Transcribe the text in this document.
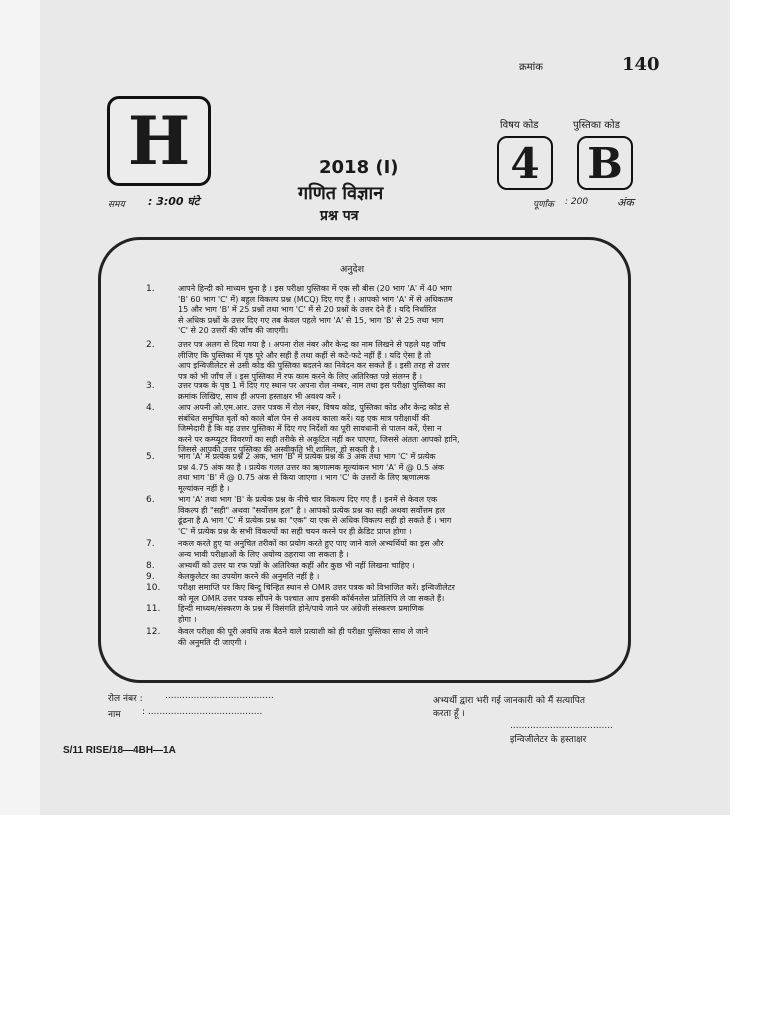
क्रमांक	140
H	2018 (I)
गणित विज्ञान
प्रश्न पत्र
समय : 3:00 घंटे
विषय कोड	पुस्तिका कोड
4 B
पूर्णांक : 200	अंक
अनुदेश
1.	आपने हिन्दी को माध्यम चुना है । इस परीक्षा पुस्तिका में एक सौ बीस (20 भाग 'A' में 40 भाग
'B' 60 भाग 'C' में) बहुल विकल्प प्रश्न (MCQ) दिए गए हैं । आपको भाग 'A' में से अधिकतम
15 और भाग 'B' में 25 प्रश्नों तथा भाग 'C' में से 20 प्रश्नों के उत्तर देने हैं । यदि निर्धारित
से अधिक प्रश्नों के उत्तर दिए गए तब केवल पहले भाग 'A' से 15, भाग 'B' से 25 तथा भाग
'C' से 20 उत्तरों की जाँच की जाएगी।
2.	उत्तर पत्र अलग से दिया गया है । अपना रोल नंबर और केन्द्र का नाम लिखने से पहले यह जाँच
लीजिए कि पुस्तिका में पृष्ठ पूरे और सही हैं तथा कहीं से कटे-फटे नहीं हैं । यदि ऐसा है तो
आप इन्विजीलेटर से उसी कोड की पुस्तिका बदलने का निवेदन कर सकते हैं । इसी तरह से उत्तर
पत्र को भी जाँच लें । इस पुस्तिका में रफ काम करने के लिए अतिरिक्त पन्ने संलग्न हैं ।
3.	उत्तर पत्रक के पृष्ठ 1 में दिए गए स्थान पर अपना रोल नम्बर, नाम तथा इस परीक्षा पुस्तिका का
क्रमांक लिखिए, साथ ही अपना हस्ताक्षर भी अवश्य करें ।
4.	आप अपनी ओ.एम.आर. उत्तर पत्रक में रोल नंबर, विषय कोड, पुस्तिका कोड और केन्द्र कोड से
संबंधित समुचित वृतों को काले बॉल पेन से अवश्य काला करें। यह एक मात्र परीक्षार्थी की
जिम्मेदारी है कि वह उत्तर पुस्तिका में दिए गए निर्देशों का पूरी सावधानी से पालन करें, ऐसा न
करने पर कम्प्यूटर विवरणों का सही तरीके से अकूटित नहीं कर पाएगा, जिससे अंततः आपको हानि,
जिससे आपकी उत्तर पुस्तिका की अस्वीकृति भी शामिल, हो सकती है ।
5.	भाग 'A' में प्रत्येक प्रश्न 2 अंक, भाग 'B' में प्रत्येक प्रश्न के 3 अंक तथा भाग 'C' में प्रत्येक
प्रश्न 4.75 अंक का है । प्रत्येक गलत उत्तर का ऋणात्मक मूल्यांकन भाग 'A' में @ 0.5 अंक
तथा भाग 'B' में @ 0.75 अंक से किया जाएगा । भाग 'C' के उत्तरों के लिए ऋणात्मक
मूल्यांकन नहीं है ।
6.	भाग 'A' तथा भाग 'B' के प्रत्येक प्रश्न के नीचे चार विकल्प दिए गए हैं । इनमें से केवल एक
विकल्प ही "सही" अथवा "सर्वोत्तम हल" है । आपको प्रत्येक प्रश्न का सही अथवा सर्वोत्तम हल
ढूंढना है A भाग 'C' में प्रत्येक प्रश्न का "एक" या एक से अधिक विकल्प सही हो सकते हैं । भाग
'C' में प्रत्येक प्रश्न के सभी विकल्पों का सही चयन करने पर ही क्रेडिट प्राप्त होगा ।
7.	नकल करते हुए या अनुचित तरीकों का प्रयोग करते हुए पाए जाने वाले अभ्यर्थियों का इस और
अन्य भावी परीक्षाओं के लिए अयोग्य ठहराया जा सकता है ।
8.	अभ्यर्थी को उत्तर या रफ पन्नों के अतिरिक्त कहीं और कुछ भी नहीं लिखना चाहिए ।
9.	केलकुलेटर का उपयोग करने की अनुमति नहीं है ।
10.	परीक्षा समाप्ति पर किए बिन्दु चिन्हित स्थान से OMR उत्तर पत्रक को विभाजित करें। इन्विजीलेटर
को मूल OMR उत्तर पत्रक सौंपने के पश्चात आप इसकी कॉर्बनलेस प्रतिलिपि ले जा सकते हैं।
11.	हिन्दी माध्यम/संस्करण के प्रश्न में विसंगति होने/पाये जाने पर अंग्रेजी संस्करण प्रमाणिक
होगा ।
12.	केवल परीक्षा की पूरी अवधि तक बैठने वाले प्रत्याशी को ही परीक्षा पुस्तिका साथ ले जाने
की अनुमति दी जाएगी ।
रोल नंबर : ......................................
नाम : ........................................
अभ्यर्थी द्वारा भरी गई जानकारी को मैं सत्यापित
करता हूँ ।
....................................
इन्विजीलेटर के हस्ताक्षर
S/11 RISE/18—4BH—1A
